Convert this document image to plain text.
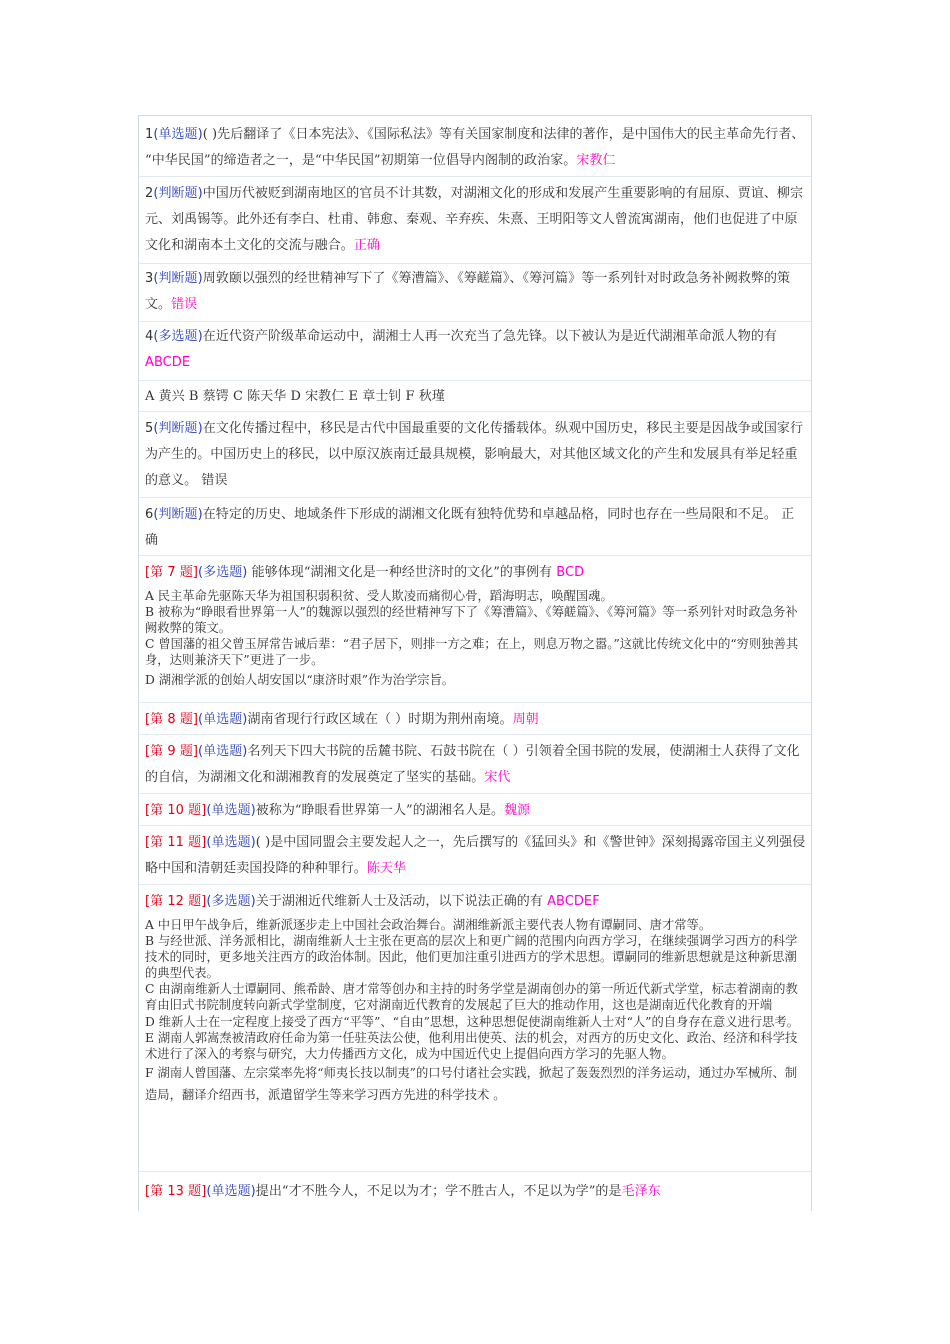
1(单选题)( )先后翻译了《日本宪法》、《国际私法》等有关国家制度和法律的著作，是中国伟大的民主革命先行者、 “中华民国”的缔造者之一，是“中华民国”初期第一位倡导内阁制的政治家。宋教仁
2(判断题)中国历代被贬到湖南地区的官员不计其数，对湖湘文化的形成和发展产生重要影响的有屈原、贾谊、柳宗元、刘禹锡等。此外还有李白、杜甫、韩愈、秦观、辛弃疾、朱熹、王明阳等文人曾流寓湖南，他们也促进了中原文化和湖南本土文化的交流与融合。正确
3(判断题)周敦颐以强烈的经世精神写下了《筹漕篇》、《筹鹾篇》、《筹河篇》等一系列针对时政急务补阙救弊的策文。错误
4(多选题)在近代资产阶级革命运动中，湖湘士人再一次充当了急先锋。以下被认为是近代湖湘革命派人物的有 ABCDE
A 黄兴 B 蔡锷 C 陈天华 D 宋教仁 E 章士钊 F 秋瑾
5(判断题)在文化传播过程中，移民是古代中国最重要的文化传播载体。纵观中国历史，移民主要是因战争或国家行为产生的。中国历史上的移民，以中原汉族南迁最具规模，影响最大，对其他区域文化的产生和发展具有举足轻重的意义。 错误
6(判断题)在特定的历史、地域条件下形成的湖湘文化既有独特优势和卓越品格，同时也存在一些局限和不足。 正确
[第 7 题](多选题) 能够体现“湖湘文化是一种经世济时的文化”的事例有 BCD
A 民主革命先驱陈天华为祖国积弱积贫、受人欺凌而痛彻心骨，蹈海明志，唤醒国魂。
B 被称为“睁眼看世界第一人”的魏源以强烈的经世精神写下了《筹漕篇》、《筹鹾篇》、《筹河篇》等一系列针对时政急务补阙救弊的策文。
C 曾国藩的祖父曾玉屏常告诫后辈：“君子居下，则排一方之难；在上，则息万物之嚣。”这就比传统文化中的“穷则独善其身，达则兼济天下”更进了一步。
D 湖湘学派的创始人胡安国以“康济时艰”作为治学宗旨。
[第 8 题](单选题)湖南省现行行政区域在（ ）时期为荆州南境。周朝
[第 9 题](单选题)名列天下四大书院的岳麓书院、石鼓书院在（ ）引领着全国书院的发展，使湖湘士人获得了文化的自信，为湖湘文化和湖湘教育的发展奠定了坚实的基础。宋代
[第 10 题](单选题)被称为“睁眼看世界第一人”的湖湘名人是。魏源
[第 11 题](单选题)( )是中国同盟会主要发起人之一，先后撰写的《猛回头》和《警世钟》深刻揭露帝国主义列强侵略中国和清朝廷卖国投降的种种罪行。陈天华
[第 12 题](多选题)关于湖湘近代维新人士及活动，以下说法正确的有 ABCDEF
A 中日甲午战争后，维新派逐步走上中国社会政治舞台。湖湘维新派主要代表人物有谭嗣同、唐才常等。
B 与经世派、洋务派相比，湖南维新人士主张在更高的层次上和更广阔的范围内向西方学习，在继续强调学习西方的科学技术的同时，更多地关注西方的政治体制。因此，他们更加注重引进西方的学术思想。谭嗣同的维新思想就是这种新思潮的典型代表。
C 由湖南维新人士谭嗣同、熊希龄、唐才常等创办和主持的时务学堂是湖南创办的第一所近代新式学堂，标志着湖南的教育由旧式书院制度转向新式学堂制度，它对湖南近代教育的发展起了巨大的推动作用，这也是湖南近代化教育的开端
D 维新人士在一定程度上接受了西方“平等”、“自由”思想，这种思想促使湖南维新人士对“人”的自身存在意义进行思考。
E 湖南人郭嵩焘被清政府任命为第一任驻英法公使，他利用出使英、法的机会，对西方的历史文化、政治、经济和科学技术进行了深入的考察与研究，大力传播西方文化，成为中国近代史上提倡向西方学习的先驱人物。
F 湖南人曾国藩、左宗棠率先将“师夷长技以制夷”的口号付诸社会实践，掀起了轰轰烈烈的洋务运动，通过办军械所、制造局，翻译介绍西书，派遣留学生等来学习西方先进的科学技术 。
[第 13 题](单选题)提出“才不胜今人，不足以为才；学不胜古人，不足以为学”的是毛泽东
